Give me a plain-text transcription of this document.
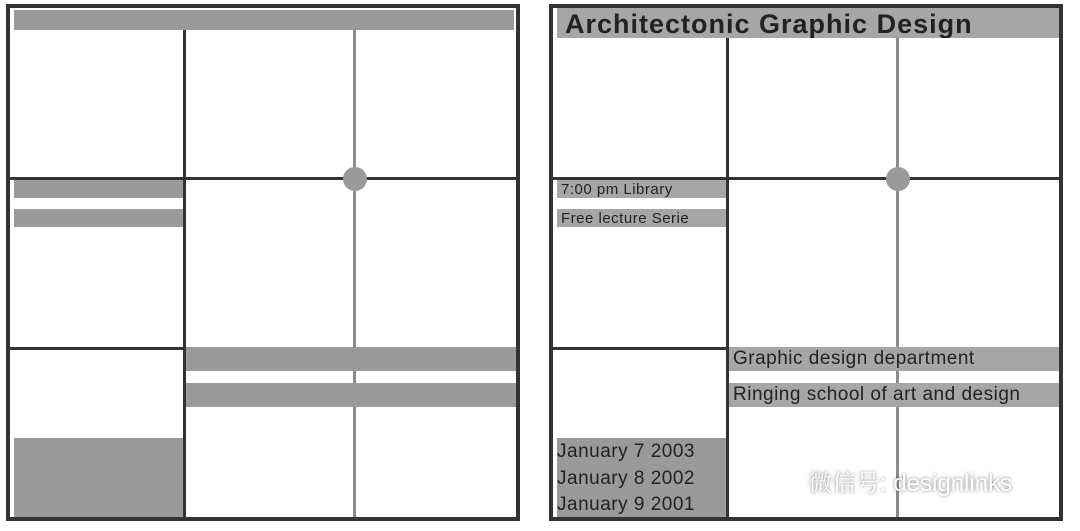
Architectonic Graphic Design
7:00 pm Library
Free lecture Serie
Graphic design department
Ringing school of art and design
January 7 2003
January 8 2002
January 9 2001
微信号: designlinks
